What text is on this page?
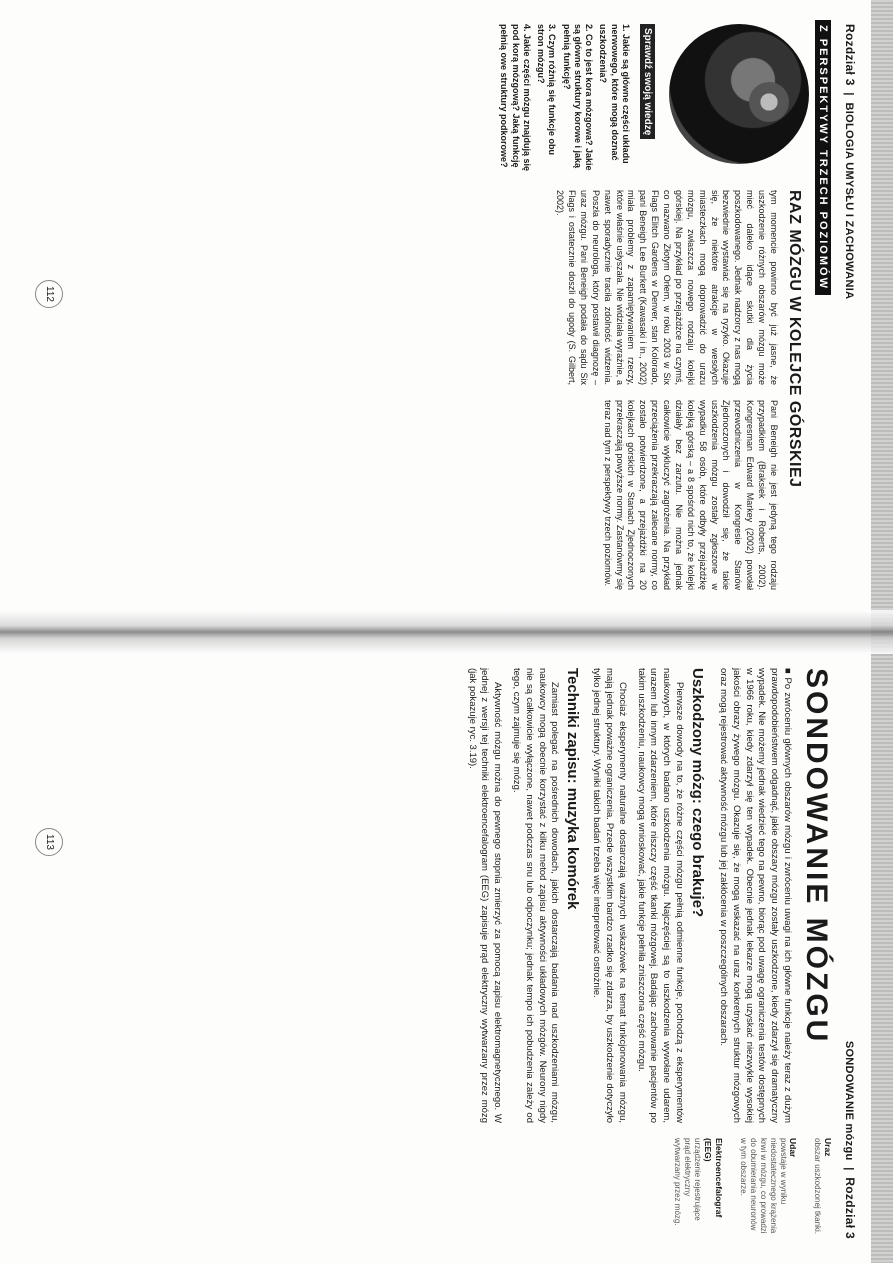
Rozdział 3  |  BIOLOGIA UMYSŁU I ZACHOWANIA
SONDOWANIE mózgu  |  Rozdział 3
Z PERSPEKTYWY TRZECH POZIOMÓW
Sprawdź swoją wiedzę
1. Jakie są główne części układu nerwowego, które mogą doznać uszkodzenia?
2. Co to jest kora mózgowa? Jakie są główne struktury korowe i jaką pełnią funkcję?
3. Czym różnią się funkcje obu stron mózgu?
4. Jakie części mózgu znajdują się pod korą mózgową? Jaką funkcję pełnią owe struktury podkorowe?
RAZ MÓZGU W KOLEJCE GÓRSKIEJ
tym momencie powinno być już jasne, że uszkodzenie różnych obszarów mózgu może mieć daleko idące skutki dla życia poszkodowanego. Jednak nadzorcy z nas mogą bezwiednie wystawiać się na ryzyko. Okazuje się, że niektóre atrakcje w wesołych miasteczkach mogą doprowadzić do urazu mózgu, zwłaszcza nowego rodzaju kolejki górskiej. Na przykład po przejażdżce na czymś, co nazwano Złotym Orłem, w roku 2003 w Six Flags Elitch Gardens w Denver, stan Kolorado, pani Beneigh Lee Burkett (Kawasaki i in., 2002) miała problemy z zapamiętywaniem rzeczy, które właśnie usłyszała. Nie widziała wyraźnie, a nawet sporadycznie traciła zdolność widzenia. Poszła do neurologa, który postawił diagnozę – uraz mózgu. Pani Beneigh podała do sądu Six Flags i ostatecznie doszli do ugody (S. Gilbert, 2002).
Pani Beneigh nie jest jedyną tego rodzaju przypadkiem (Braksiek i Roberts, 2002). Kongresman Edward Markey (2002) powołał przewodniczenia w Kongresie Stanów Zjednoczonych i dowodził się, że takie uszkodzenia mózgu zostały zgłoszone w wypadku 58 osób, które odbyły przejażdżkę kolejką górską – a 8 spośród nich to, że kolejki działały bez zarzutu. Nie można jednak całkowicie wykluczyć zagrożenia. Na przykład przeciążenia przekraczają zalecane normy, co zostało potwierdzone, a przejażdżki na 20 kolejkach górskich w Stanach Zjednoczonych przekraczają powyższe normy. Zastanówmy się teraz nad tym z perspektywy trzech poziomów.
112
SONDOWANIE MÓZGU

■ Po zwróceniu głównych obszarów mózgu i zwróceniu uwagi na ich główne funkcje należy teraz z dużym prawdopodobieństwem odgadnąć, jakie obszary mózgu zostały uszkodzone, kiedy zdarzył się dramatyczny wypadek. Nie możemy jednak wiedzieć tego na pewno, biorąc pod uwagę ograniczenia testów dostępnych w 1966 roku, kiedy zdarzył się ten wypadek. Obecnie jednak lekarze mogą uzyskać niezwykle wysokiej jakości obrazy żywego mózgu. Okazuje się, że mogą wskazać na uraz konkretnych struktur mózgowych oraz mogą rejestrować aktywność mózgu lub jej zakłócenia w poszczególnych obszarach.

Uszkodzony mózg: czego brakuje?

Pierwsze dowody na to, że różne części mózgu pełnią odmienne funkcje, pochodzą z eksperymentów naukowych, w których badano uszkodzenia mózgu. Najczęściej są to uszkodzenia wywołane udarem, urazem lub innym zdarzeniem, które niszczy część tkanki mózgowej. Badając zachowanie pacjentów po takim uszkodzeniu, naukowcy mogą wnioskować, jakie funkcje pełniła zniszczona część mózgu.

Chociaż eksperymenty naturalne dostarczają ważnych wskazówek na temat funkcjonowania mózgu, mają jednak poważne ograniczenia. Przede wszystkim bardzo rzadko się zdarza, by uszkodzenie dotyczyło tylko jednej struktury. Wyniki takich badań trzeba więc interpretować ostrożnie.

Techniki zapisu: muzyka komórek

Zamiast polegać na pośrednich dowodach, jakich dostarczają badania nad uszkodzeniami mózgu, naukowcy mogą obecnie korzystać z kilku metod zapisu aktywności układowych mózgów. Neurony nigdy nie są całkowicie wyłączone, nawet podczas snu lub odpoczynku; jednak tempo ich pobudzenia zależy od tego, czym zajmuje się mózg.

Aktywność mózgu można do pewnego stopnia zmierzyć za pomocą zapisu elektromagnetycznego. W jednej z wersji tej techniki elektroencefalogram (EEG) zapisuje prąd elektryczny wytwarzany przez mózg (jak pokazuje ryc. 3.19).

Uraz
obszar uszkodzonej tkanki.
Udar
powstaje w wyniku niedostatecznego krążenia krwi w mózgu, co prowadzi do obumierania neuronów w tym obszarze.
Elektroencefalograf (EEG)
urządzenie rejestrujące prąd elektryczny wytwarzany przez mózg.
113
